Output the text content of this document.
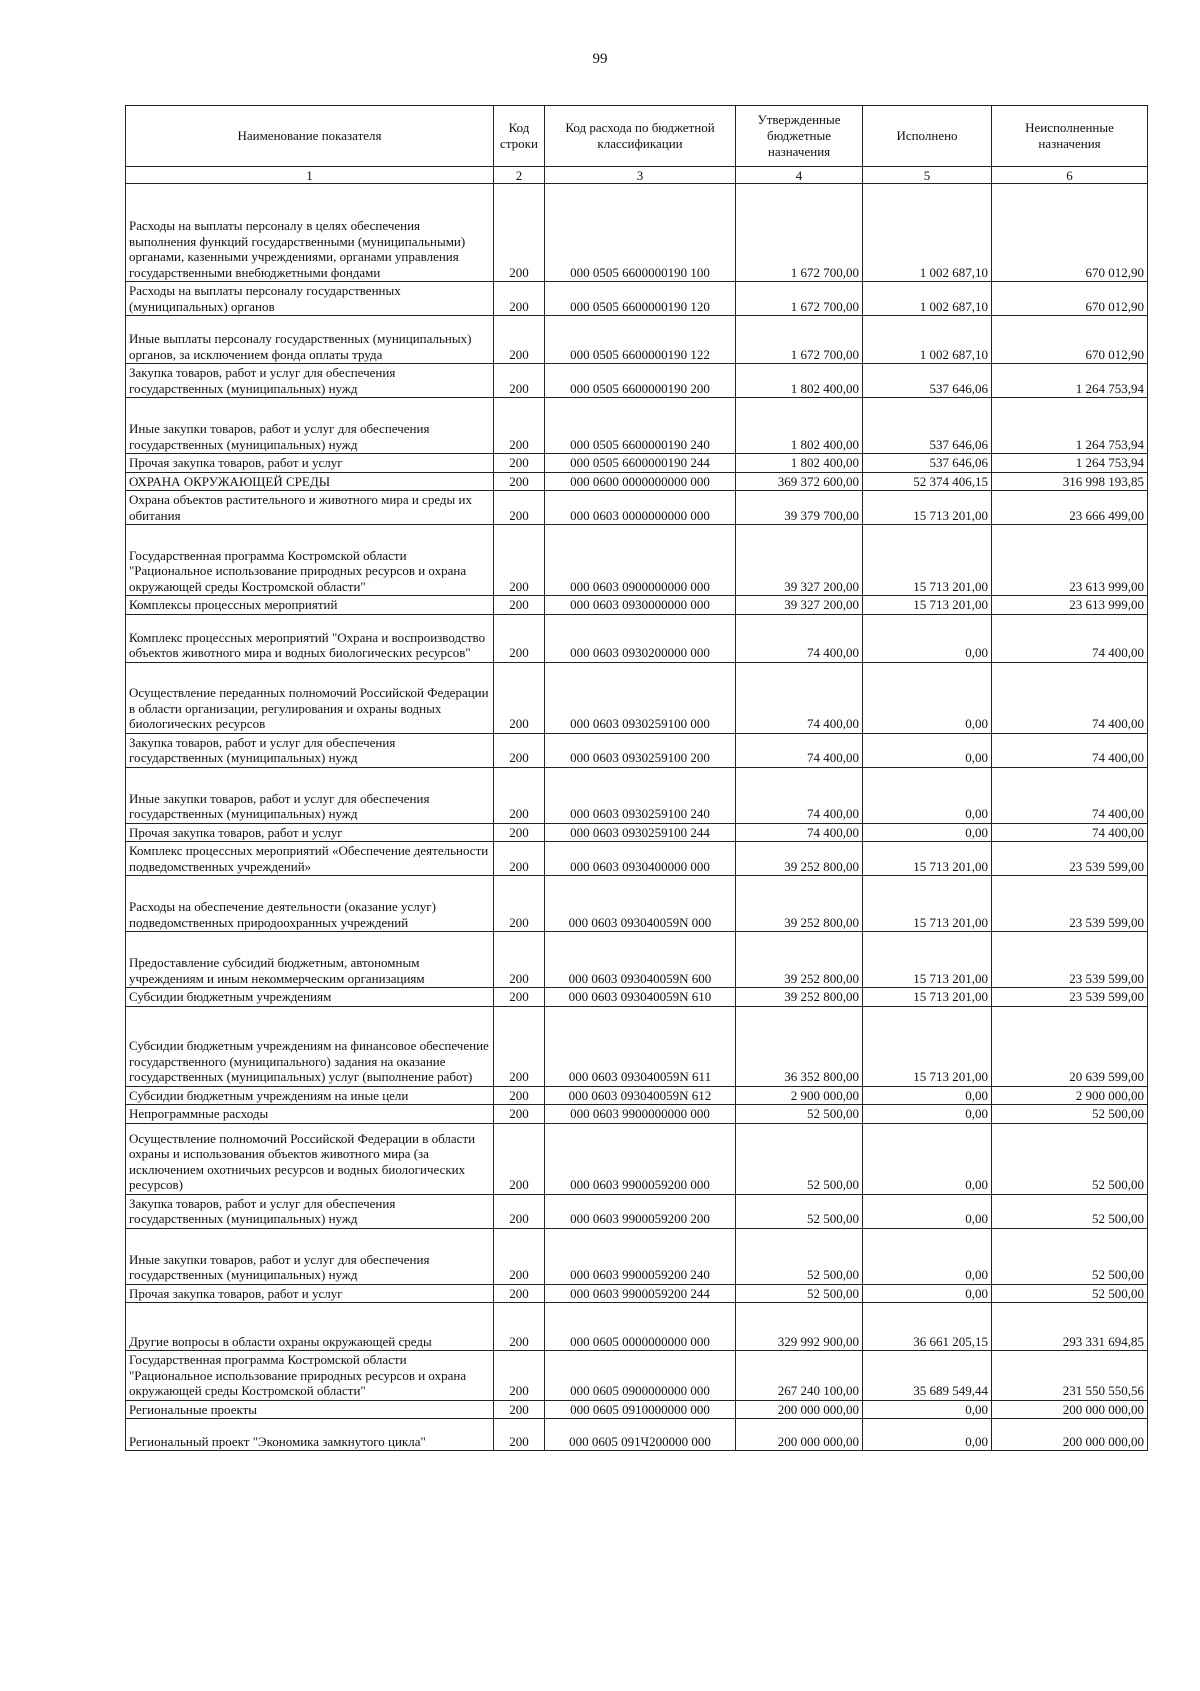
99
Наименование показателя	Код строки	Код расхода по бюджетной классификации	Утвержденные бюджетные назначения	Исполнено	Неисполненные назначения
1	2	3	4	5	6
Расходы на выплаты персоналу в целях обеспечения выполнения функций государственными (муниципальными) органами, казенными учреждениями, органами управления государственными внебюджетными фондами	200	000 0505 6600000190 100	1 672 700,00	1 002 687,10	670 012,90
Расходы на выплаты персоналу государственных (муниципальных) органов	200	000 0505 6600000190 120	1 672 700,00	1 002 687,10	670 012,90
Иные выплаты персоналу государственных (муниципальных) органов, за исключением фонда оплаты труда	200	000 0505 6600000190 122	1 672 700,00	1 002 687,10	670 012,90
Закупка товаров, работ и услуг для обеспечения государственных (муниципальных) нужд	200	000 0505 6600000190 200	1 802 400,00	537 646,06	1 264 753,94
Иные закупки товаров, работ и услуг для обеспечения государственных (муниципальных) нужд	200	000 0505 6600000190 240	1 802 400,00	537 646,06	1 264 753,94
Прочая закупка товаров, работ и услуг	200	000 0505 6600000190 244	1 802 400,00	537 646,06	1 264 753,94
ОХРАНА ОКРУЖАЮЩЕЙ СРЕДЫ	200	000 0600 0000000000 000	369 372 600,00	52 374 406,15	316 998 193,85
Охрана объектов растительного и животного мира и среды их обитания	200	000 0603 0000000000 000	39 379 700,00	15 713 201,00	23 666 499,00
Государственная программа Костромской области "Рациональное использование природных ресурсов и охрана окружающей среды Костромской области"	200	000 0603 0900000000 000	39 327 200,00	15 713 201,00	23 613 999,00
Комплексы процессных мероприятий	200	000 0603 0930000000 000	39 327 200,00	15 713 201,00	23 613 999,00
Комплекс процессных мероприятий "Охрана и воспроизводство объектов животного мира и водных биологических ресурсов"	200	000 0603 0930200000 000	74 400,00	0,00	74 400,00
Осуществление переданных полномочий Российской Федерации в области организации, регулирования и охраны водных биологических ресурсов	200	000 0603 0930259100 000	74 400,00	0,00	74 400,00
Закупка товаров, работ и услуг для обеспечения государственных (муниципальных) нужд	200	000 0603 0930259100 200	74 400,00	0,00	74 400,00
Иные закупки товаров, работ и услуг для обеспечения государственных (муниципальных) нужд	200	000 0603 0930259100 240	74 400,00	0,00	74 400,00
Прочая закупка товаров, работ и услуг	200	000 0603 0930259100 244	74 400,00	0,00	74 400,00
Комплекс процессных мероприятий «Обеспечение деятельности подведомственных учреждений»	200	000 0603 0930400000 000	39 252 800,00	15 713 201,00	23 539 599,00
Расходы на обеспечение деятельности (оказание услуг) подведомственных природоохранных учреждений	200	000 0603 093040059N 000	39 252 800,00	15 713 201,00	23 539 599,00
Предоставление субсидий бюджетным, автономным учреждениям и иным некоммерческим организациям	200	000 0603 093040059N 600	39 252 800,00	15 713 201,00	23 539 599,00
Субсидии бюджетным учреждениям	200	000 0603 093040059N 610	39 252 800,00	15 713 201,00	23 539 599,00
Субсидии бюджетным учреждениям на финансовое обеспечение государственного (муниципального) задания на оказание государственных (муниципальных) услуг (выполнение работ)	200	000 0603 093040059N 611	36 352 800,00	15 713 201,00	20 639 599,00
Субсидии бюджетным учреждениям на иные цели	200	000 0603 093040059N 612	2 900 000,00	0,00	2 900 000,00
Непрограммные расходы	200	000 0603 9900000000 000	52 500,00	0,00	52 500,00
Осуществление полномочий Российской Федерации в области охраны и использования объектов животного мира (за исключением охотничьих ресурсов и водных биологических ресурсов)	200	000 0603 9900059200 000	52 500,00	0,00	52 500,00
Закупка товаров, работ и услуг для обеспечения государственных (муниципальных) нужд	200	000 0603 9900059200 200	52 500,00	0,00	52 500,00
Иные закупки товаров, работ и услуг для обеспечения государственных (муниципальных) нужд	200	000 0603 9900059200 240	52 500,00	0,00	52 500,00
Прочая закупка товаров, работ и услуг	200	000 0603 9900059200 244	52 500,00	0,00	52 500,00
Другие вопросы в области охраны окружающей среды	200	000 0605 0000000000 000	329 992 900,00	36 661 205,15	293 331 694,85
Государственная программа Костромской области "Рациональное использование природных ресурсов и охрана окружающей среды Костромской области"	200	000 0605 0900000000 000	267 240 100,00	35 689 549,44	231 550 550,56
Региональные проекты	200	000 0605 0910000000 000	200 000 000,00	0,00	200 000 000,00
Региональный проект "Экономика замкнутого цикла"	200	000 0605 091Ч200000 000	200 000 000,00	0,00	200 000 000,00
